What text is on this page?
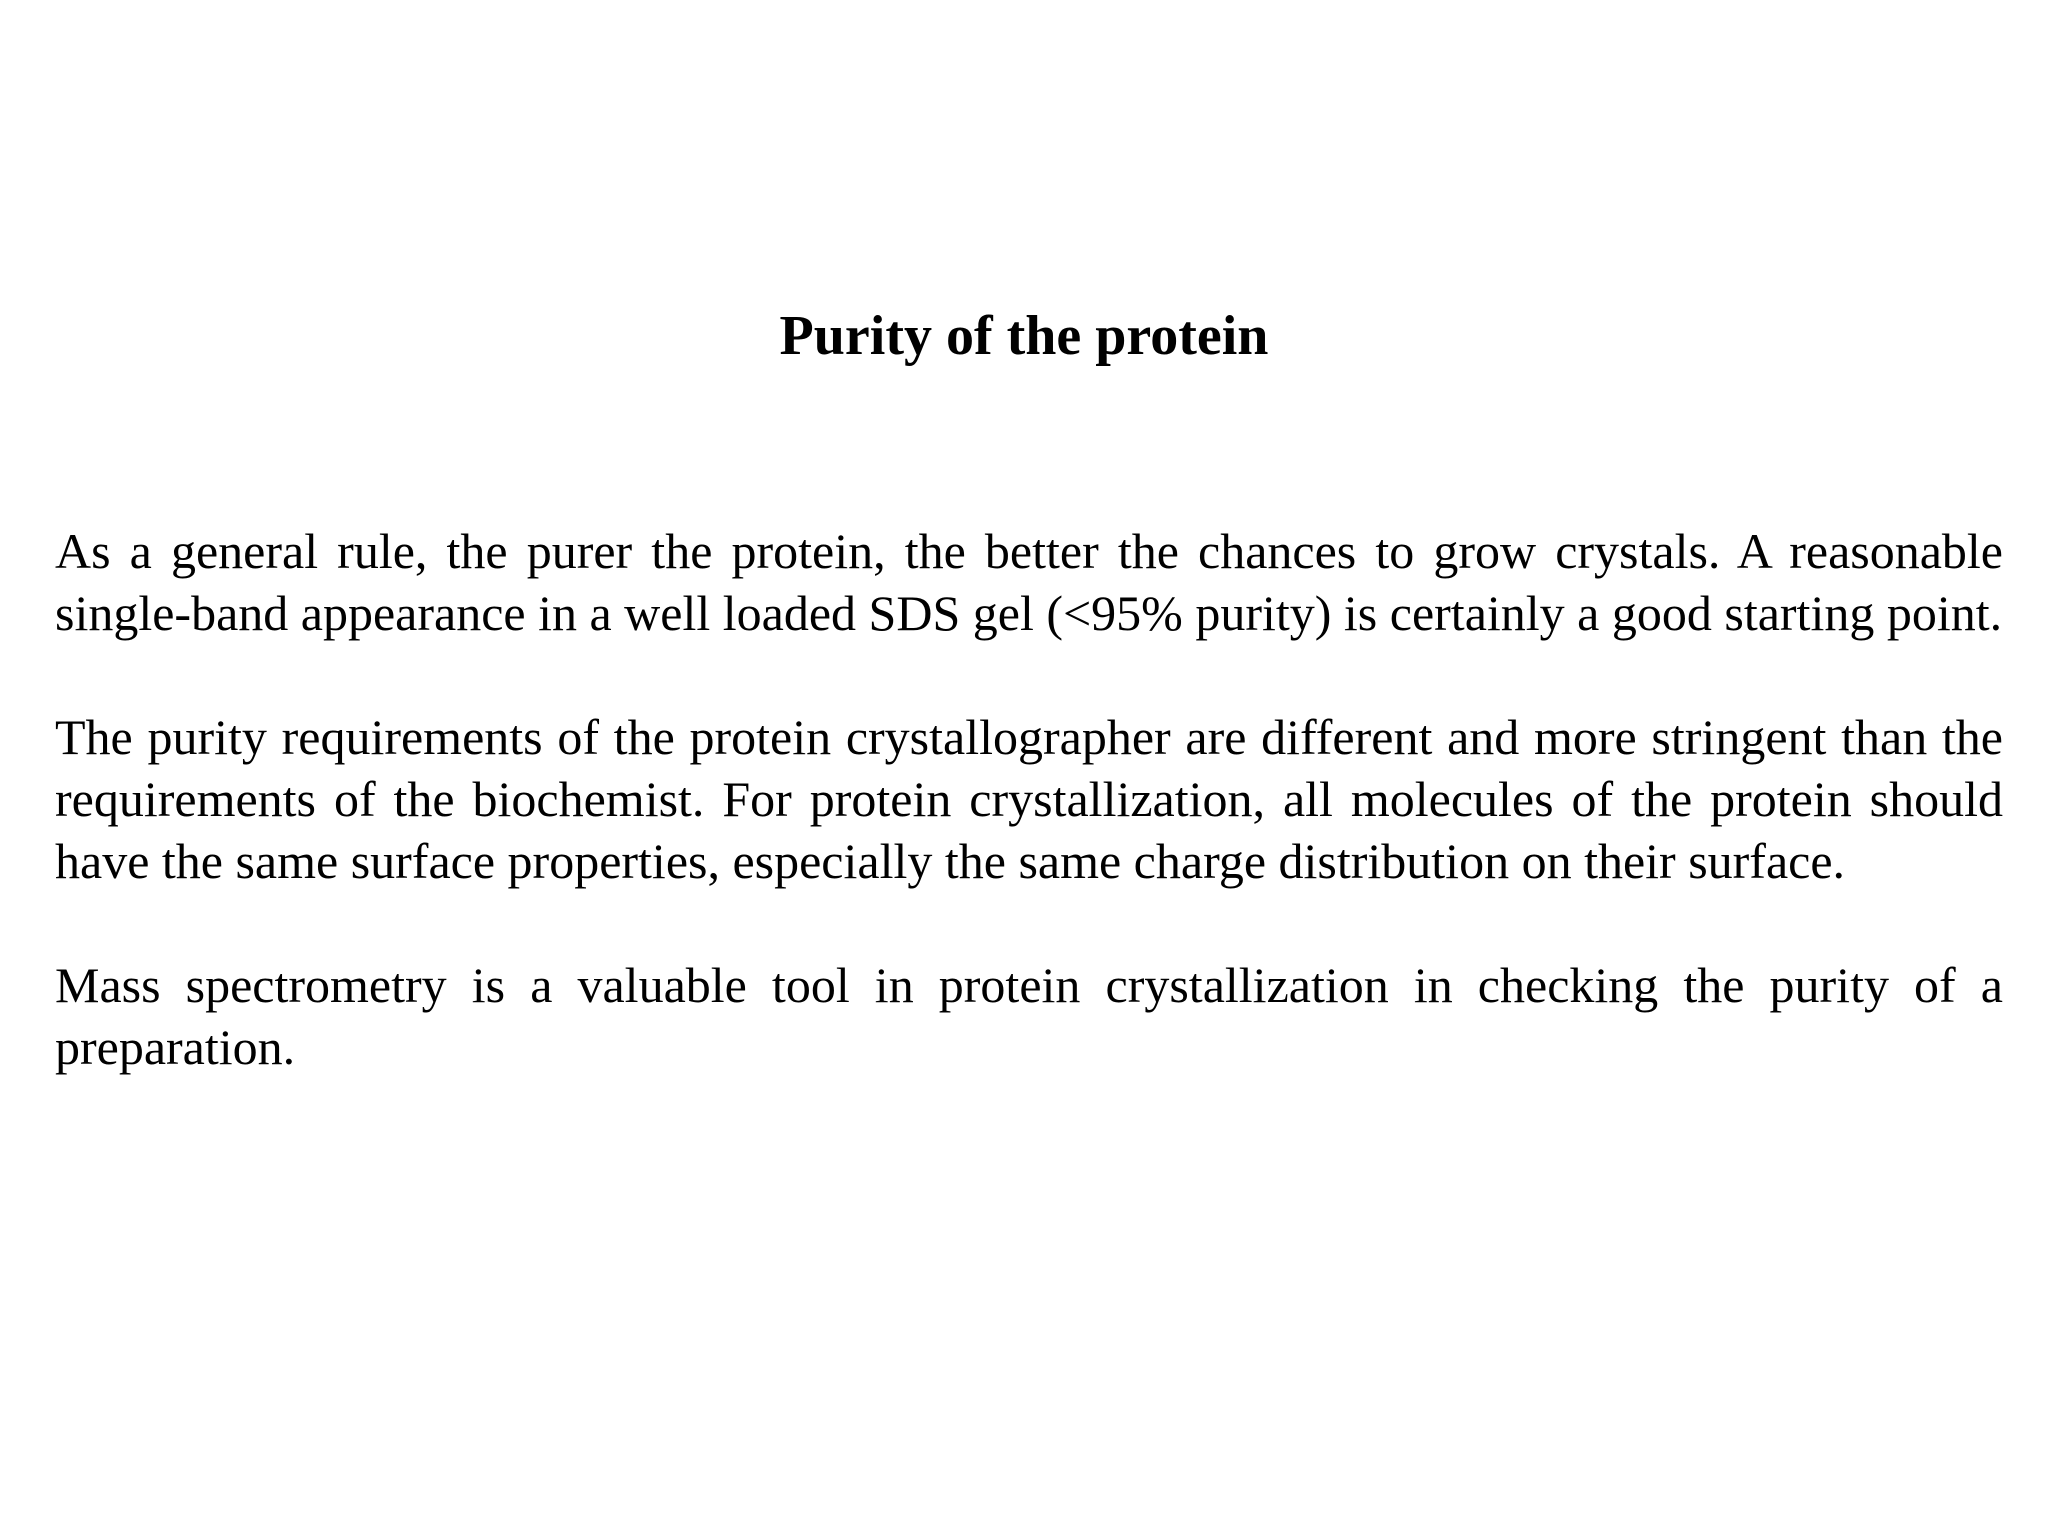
Purity of the protein

As a general rule, the purer the protein, the better the chances to grow crystals. A reasonable single-band appearance in a well loaded SDS gel (<95% purity) is certainly a good starting point.

The purity requirements of the protein crystallographer are different and more stringent than the requirements of the biochemist. For protein crystallization, all molecules of the protein should have the same surface properties, especially the same charge distribution on their surface.

Mass spectrometry is a valuable tool in protein crystallization in checking the purity of a preparation.
